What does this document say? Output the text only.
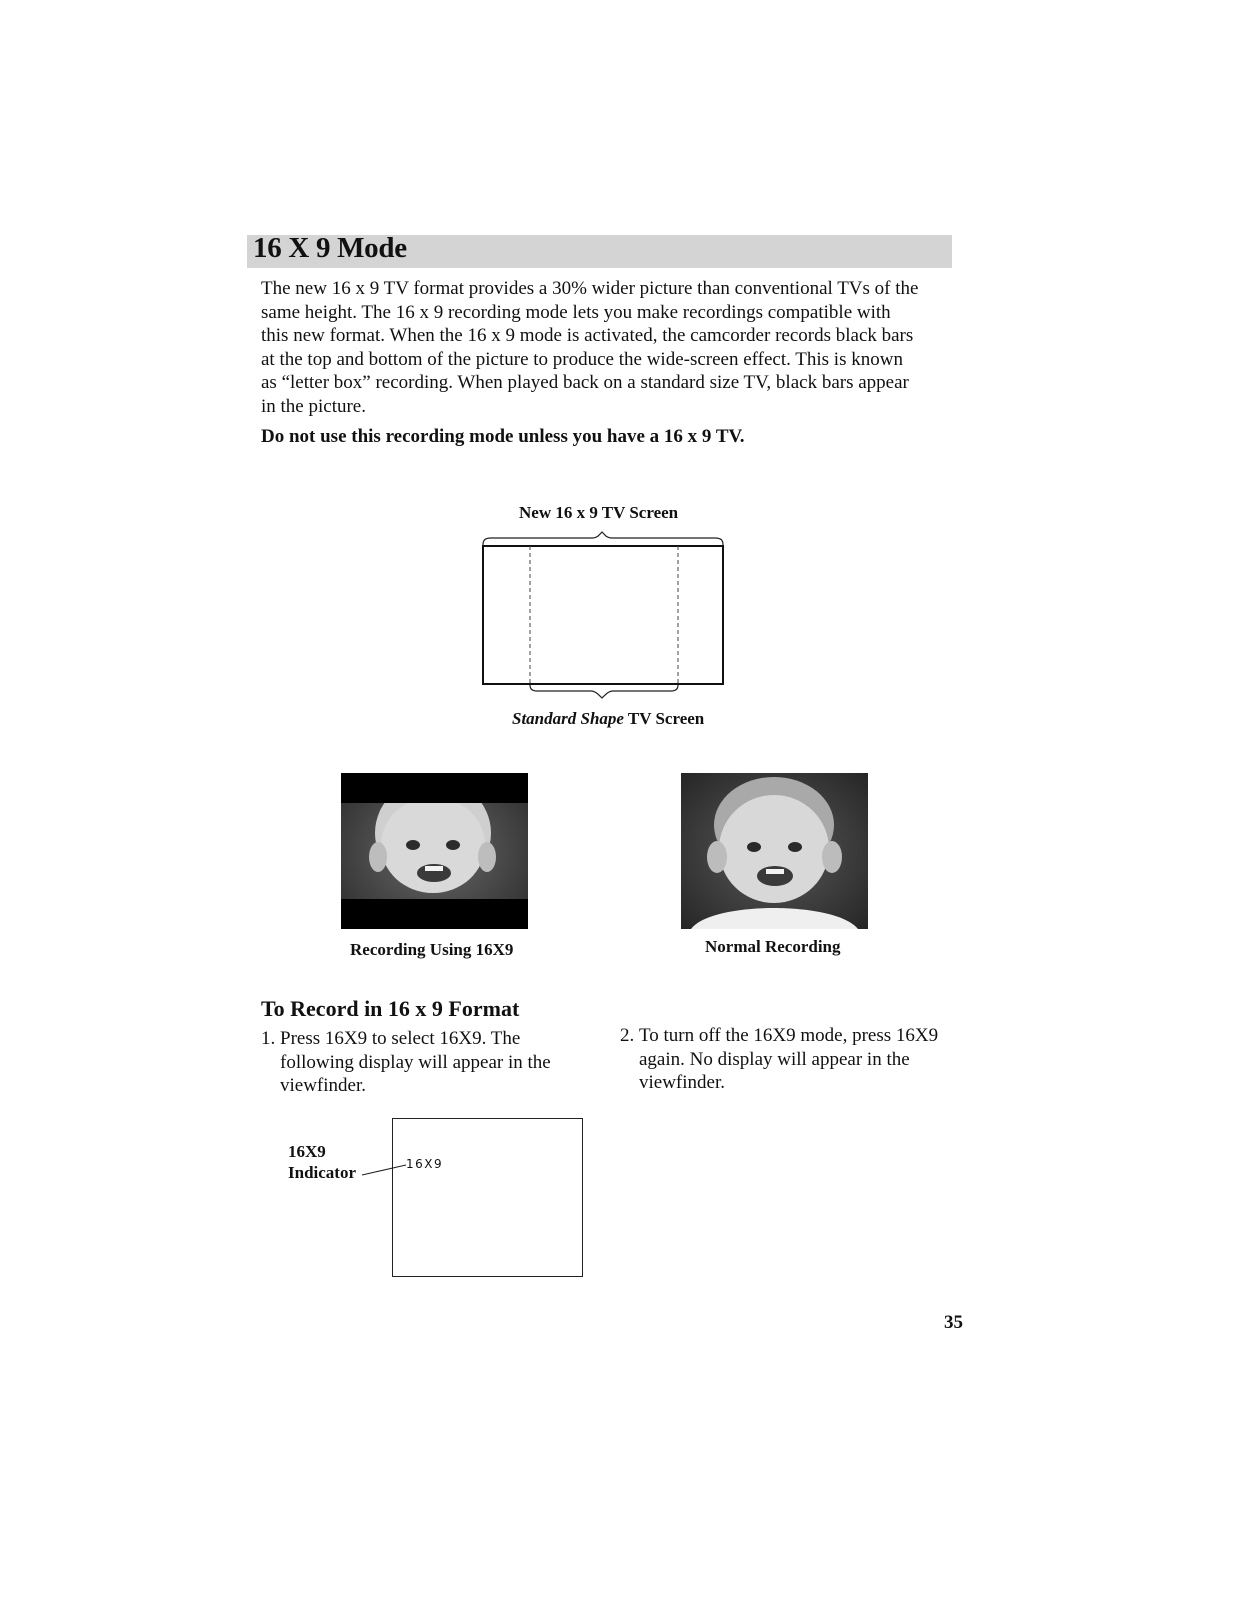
16 X 9 Mode

The new 16 x 9 TV format provides a 30% wider picture than conventional TVs of the

same height. The 16 x 9 recording mode lets you make recordings compatible with

this new format. When the 16 x 9 mode is activated, the camcorder records black bars

at the top and bottom of the picture to produce the wide-screen effect. This is known

as “letter box” recording. When played back on a standard size TV, black bars appear

in the picture.

Do not use this recording mode unless you have a 16 x 9 TV.
New 16 x 9 TV Screen
Standard Shape TV Screen
Recording Using 16X9	Normal Recording
To Record in 16 x 9 Format
1. Press 16X9 to select 16X9. The
following display will appear in the
viewfinder.
2. To turn off the 16X9 mode, press 16X9
again. No display will appear in the
viewfinder.
16X9
16X9
Indicator
35
